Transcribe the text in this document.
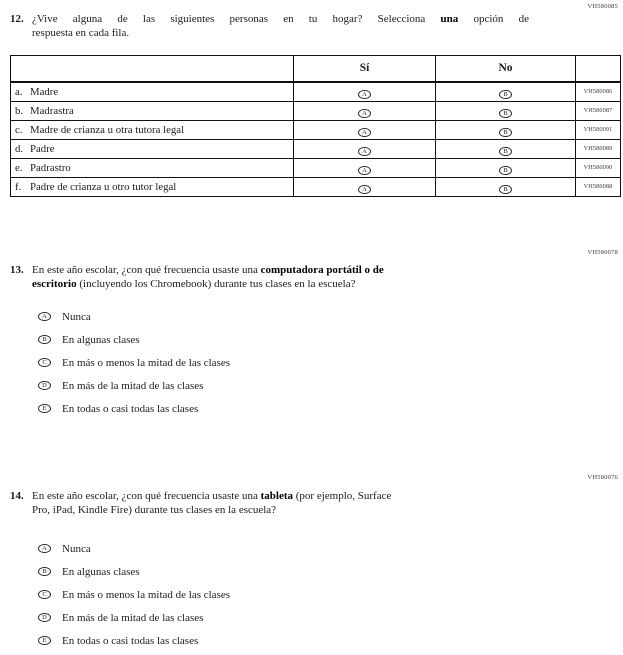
VH580085
12. ¿Vive alguna de las siguientes personas en tu hogar? Selecciona una opción de
respuesta en cada fila.
	Sí	No	
a. Madre	A	B	VH580086
b. Madrastra	A	B	VH580087
c. Madre de crianza u otra tutora legal	A	B	VH580091
d. Padre	A	B	VH580089
e. Padrastro	A	B	VH580090
f. Padre de crianza u otro tutor legal	A	B	VH580088
VH580078
13. En este año escolar, ¿con qué frecuencia usaste una computadora portátil o de
escritorio (incluyendo los Chromebook) durante tus clases en la escuela?
A	Nunca
B	En algunas clases
C	En más o menos la mitad de las clases
D	En más de la mitad de las clases
E	En todas o casi todas las clases
VH580076
14. En este año escolar, ¿con qué frecuencia usaste una tableta (por ejemplo, Surface
Pro, iPad, Kindle Fire) durante tus clases en la escuela?
A	Nunca
B	En algunas clases
C	En más o menos la mitad de las clases
D	En más de la mitad de las clases
E	En todas o casi todas las clases
